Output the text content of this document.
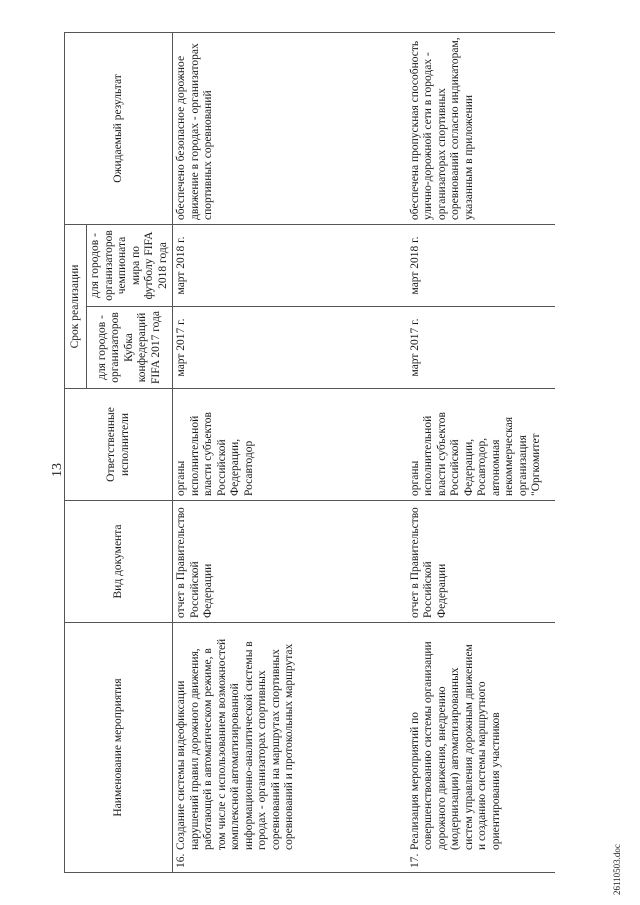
13
Наименование мероприятия	Вид документа	Ответственные исполнители	Срок реализации		Ожидаемый результат
			для городов - организаторов Кубка конфедераций FIFA 2017 года	для городов - организаторов чемпионата мира по футболу FIFA 2018 года	
16.Создание системы видеофиксации нарушений правил дорожного движения, работающей в автоматическом режиме, в том числе с использованием возможностей комплексной автоматизированной информационно-аналитической системы в городах - организаторах спортивных соревнований на маршрутах спортивных соревнований и протокольных маршрутах	отчет в Правительство Российской Федерации	органы исполнительной власти субъектов Российской Федерации, Росавтодор	март 2017 г.	март 2018 г.	обеспечено безопасное дорожное движение в городах - организаторах спортивных соревнований
17.Реализация мероприятий по совершенствованию системы организации дорожного движения, внедрению (модернизации) автоматизированных систем управления дорожным движением и созданию системы маршрутного ориентирования участников	отчет в Правительство Российской Федерации	органы исполнительной власти субъектов Российской Федерации, Росавтодор, автономная некоммерческая организация "Оргкомитет	март 2017 г.	март 2018 г.	обеспечена пропускная способность улично-дорожной сети в городах - организаторах спортивных соревнований согласно индикаторам, указанным в приложении
26110503.doc
